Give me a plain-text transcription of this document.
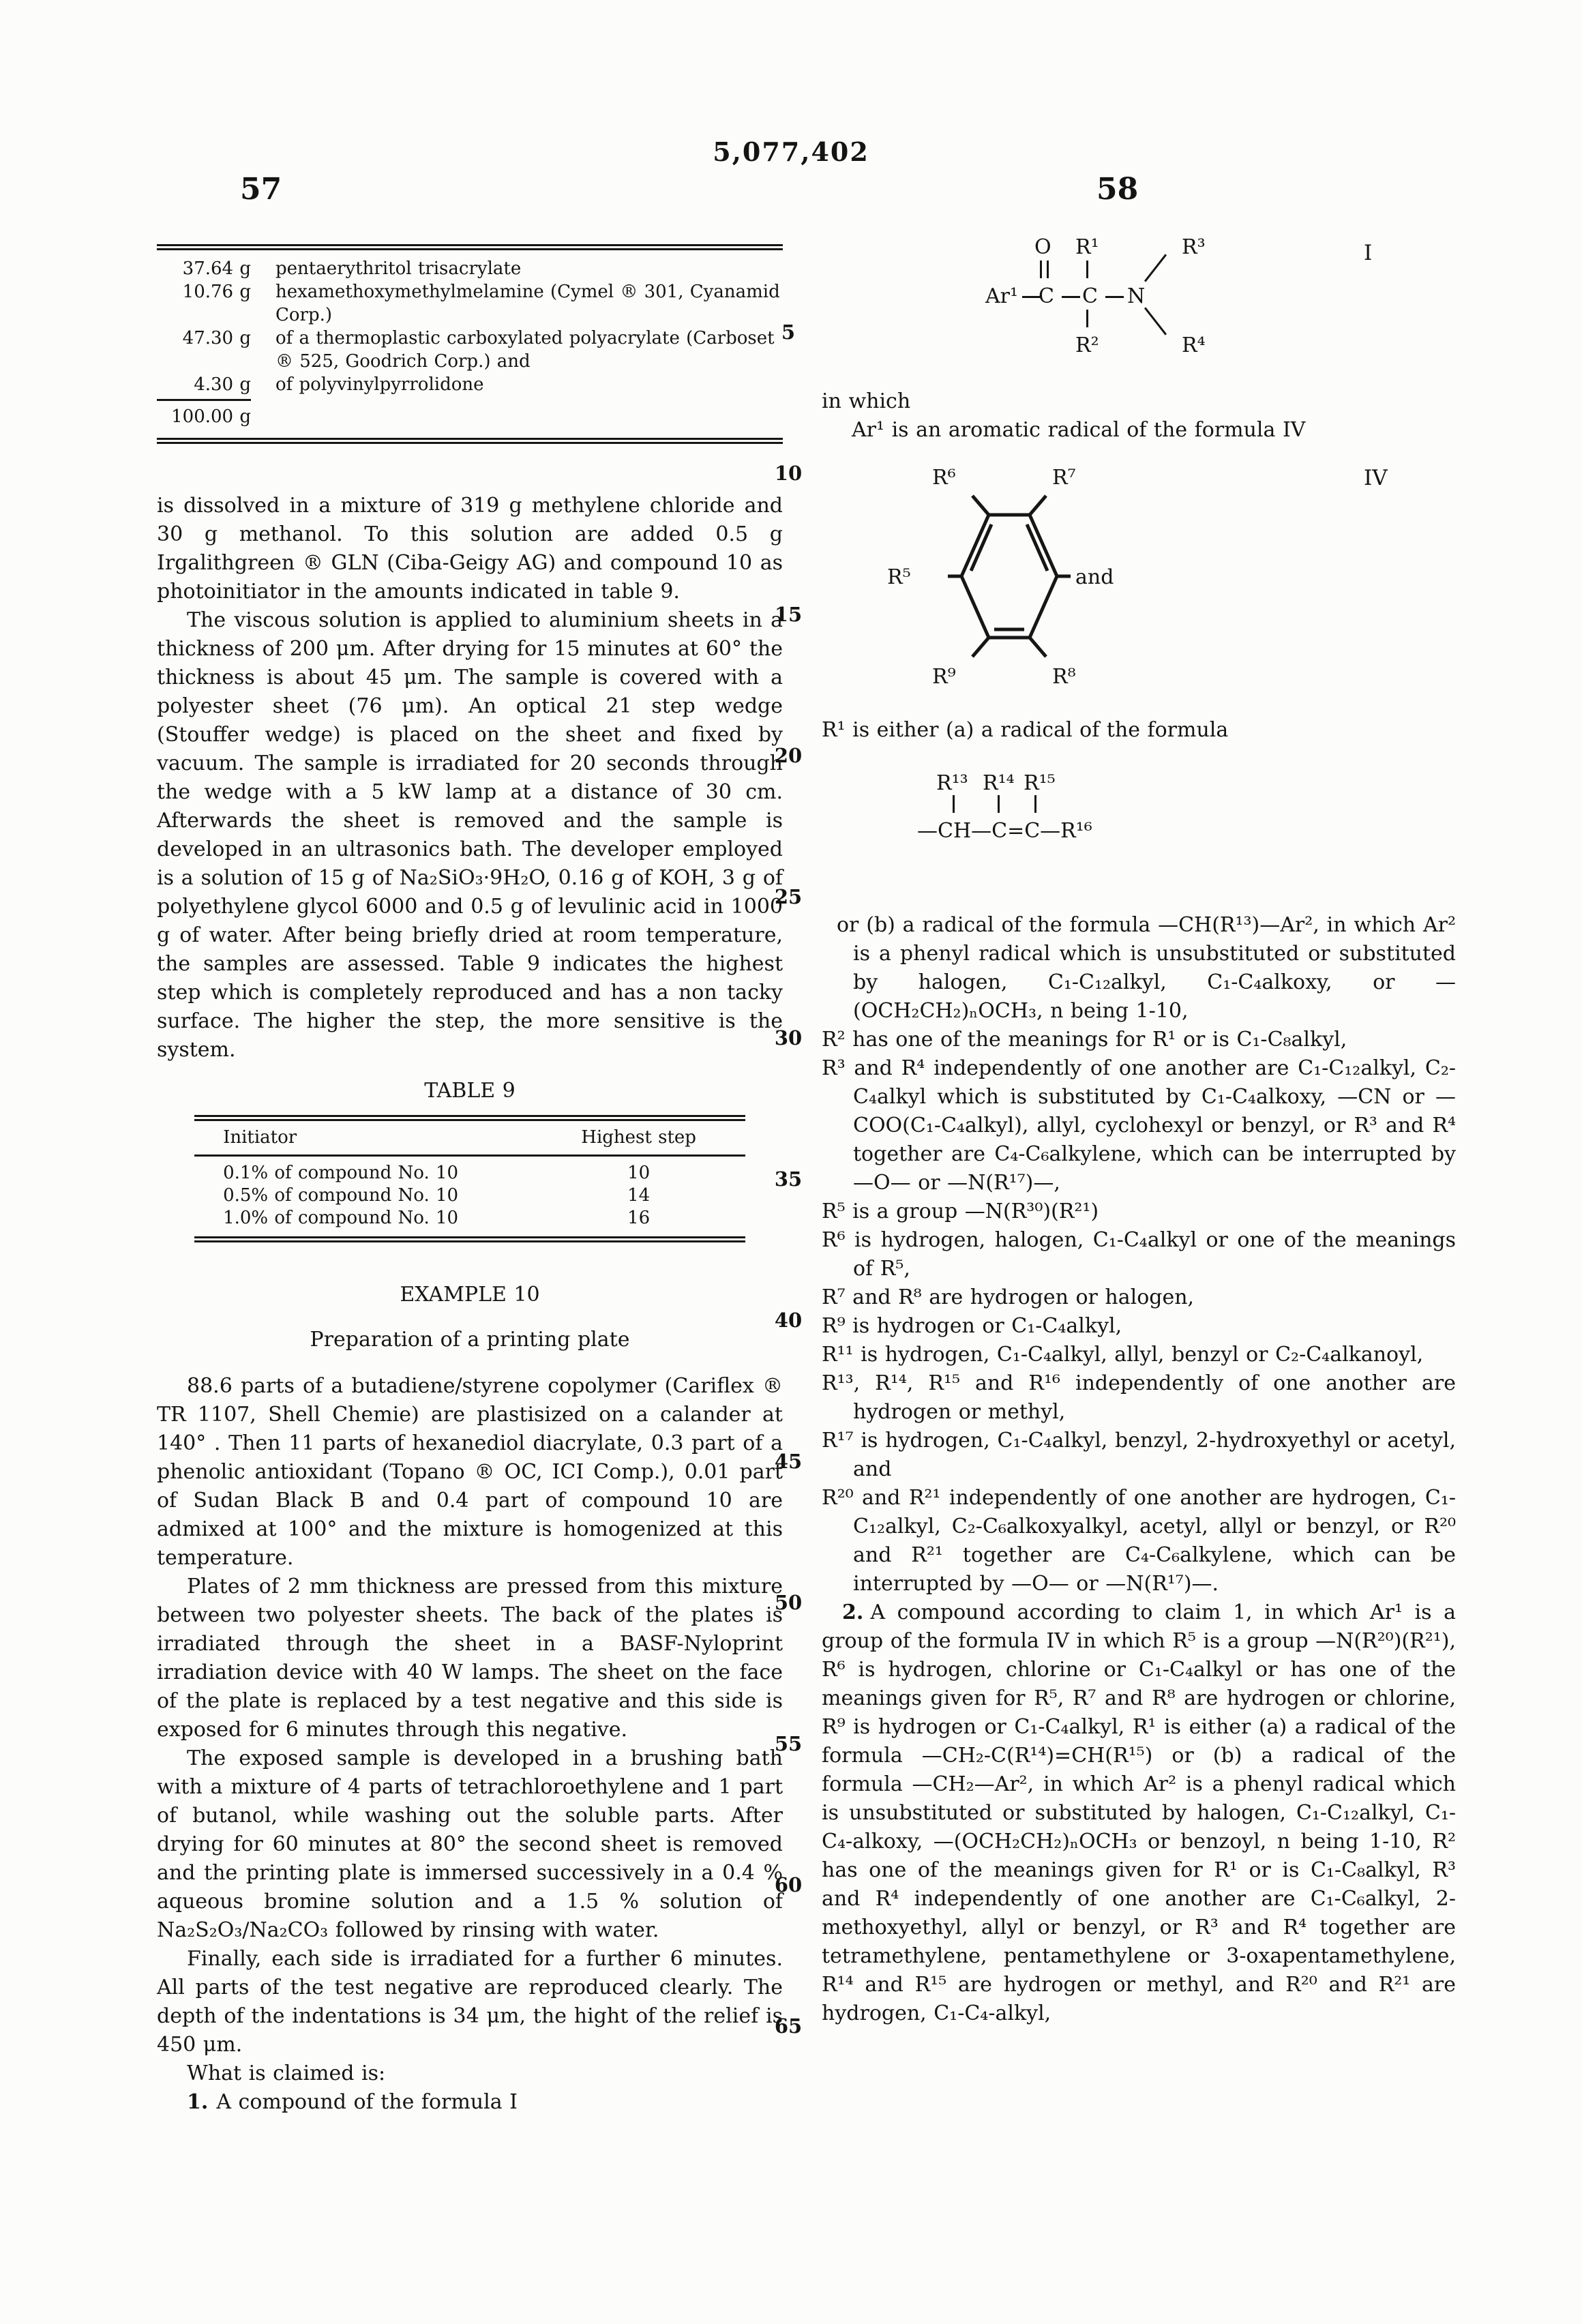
5,077,402
57	58
5
10
15
20
25
30
35
40
45
50
55
60
65
37.64 g	pentaerythritol trisacrylate
10.76 g	hexamethoxymethylmelamine (Cymel ® 301, Cyanamid Corp.)
47.30 g	of a thermoplastic carboxylated polyacrylate (Carboset ® 525, Goodrich Corp.) and
4.30 g	of polyvinylpyrrolidone
100.00 g

is dissolved in a mixture of 319 g methylene chloride and 30 g methanol. To this solution are added 0.5 g Irgalithgreen ® GLN (Ciba-Geigy AG) and compound 10 as photoinitiator in the amounts indicated in table 9.

The viscous solution is applied to aluminium sheets in a thickness of 200 μm. After drying for 15 minutes at 60° the thickness is about 45 μm. The sample is covered with a polyester sheet (76 μm). An optical 21 step wedge (Stouffer wedge) is placed on the sheet and fixed by vacuum. The sample is irradiated for 20 seconds through the wedge with a 5 kW lamp at a distance of 30 cm. Afterwards the sheet is removed and the sample is developed in an ultrasonics bath. The developer employed is a solution of 15 g of Na₂SiO₃·9H₂O, 0.16 g of KOH, 3 g of polyethylene glycol 6000 and 0.5 g of levulinic acid in 1000 g of water. After being briefly dried at room temperature, the samples are assessed. Table 9 indicates the highest step which is completely reproduced and has a non tacky surface. The higher the step, the more sensitive is the system.

TABLE 9

Initiator	Highest step
0.1% of compound No. 10	10
0.5% of compound No. 10	14
1.0% of compound No. 10	16

EXAMPLE 10

Preparation of a printing plate

88.6 parts of a butadiene/styrene copolymer (Cariflex ® TR 1107, Shell Chemie) are plastisized on a calander at 140° . Then 11 parts of hexanediol diacrylate, 0.3 part of a phenolic antioxidant (Topano ® OC, ICI Comp.), 0.01 part of Sudan Black B and 0.4 part of compound 10 are admixed at 100° and the mixture is homogenized at this temperature.

Plates of 2 mm thickness are pressed from this mixture between two polyester sheets. The back of the plates is irradiated through the sheet in a BASF-Nyloprint irradiation device with 40 W lamps. The sheet on the face of the plate is replaced by a test negative and this side is exposed for 6 minutes through this negative.

The exposed sample is developed in a brushing bath with a mixture of 4 parts of tetrachloroethylene and 1 part of butanol, while washing out the soluble parts. After drying for 60 minutes at 80° the second sheet is removed and the printing plate is immersed successively in a 0.4 % aqueous bromine solution and a 1.5 % solution of Na₂S₂O₃/Na₂CO₃ followed by rinsing with water.

Finally, each side is irradiated for a further 6 minutes. All parts of the test negative are reproduced clearly. The depth of the indentations is 34 μm, the hight of the relief is 450 μm.

What is claimed is:

1. A compound of the formula I

I
O R¹	R³
Ar¹ C C N
R²	R⁴

in which

Ar¹ is an aromatic radical of the formula IV

IV
R⁶	R⁷
R⁵	and
R⁹	R⁸

R¹ is either (a) a radical of the formula

R¹³ R¹⁴ R¹⁵
—CH—C=C—R¹⁶

or (b) a radical of the formula —CH(R¹³)—Ar², in which Ar² is a phenyl radical which is unsubstituted or substituted by halogen, C₁-C₁₂alkyl, C₁-C₄alkoxy, or —(OCH₂CH₂)ₙOCH₃, n being 1-10,

R² has one of the meanings for R¹ or is C₁-C₈alkyl,

R³ and R⁴ independently of one another are C₁-C₁₂alkyl, C₂-C₄alkyl which is substituted by C₁-C₄alkoxy, —CN or —COO(C₁-C₄alkyl), allyl, cyclohexyl or benzyl, or R³ and R⁴ together are C₄-C₆alkylene, which can be interrupted by —O— or —N(R¹⁷)—,

R⁵ is a group —N(R³⁰)(R²¹)

R⁶ is hydrogen, halogen, C₁-C₄alkyl or one of the meanings of R⁵,

R⁷ and R⁸ are hydrogen or halogen,

R⁹ is hydrogen or C₁-C₄alkyl,

R¹¹ is hydrogen, C₁-C₄alkyl, allyl, benzyl or C₂-C₄alkanoyl,

R¹³, R¹⁴, R¹⁵ and R¹⁶ independently of one another are hydrogen or methyl,

R¹⁷ is hydrogen, C₁-C₄alkyl, benzyl, 2-hydroxyethyl or acetyl, and

R²⁰ and R²¹ independently of one another are hydrogen, C₁-C₁₂alkyl, C₂-C₆alkoxyalkyl, acetyl, allyl or benzyl, or R²⁰ and R²¹ together are C₄-C₆alkylene, which can be interrupted by —O— or —N(R¹⁷)—.

2. A compound according to claim 1, in which Ar¹ is a group of the formula IV in which R⁵ is a group —N(R²⁰)(R²¹), R⁶ is hydrogen, chlorine or C₁-C₄alkyl or has one of the meanings given for R⁵, R⁷ and R⁸ are hydrogen or chlorine, R⁹ is hydrogen or C₁-C₄alkyl, R¹ is either (a) a radical of the formula —CH₂-C(R¹⁴)=CH(R¹⁵) or (b) a radical of the formula —CH₂—Ar², in which Ar² is a phenyl radical which is unsubstituted or substituted by halogen, C₁-C₁₂alkyl, C₁-C₄-alkoxy, —(OCH₂CH₂)ₙOCH₃ or benzoyl, n being 1-10, R² has one of the meanings given for R¹ or is C₁-C₈alkyl, R³ and R⁴ independently of one another are C₁-C₆alkyl, 2-methoxyethyl, allyl or benzyl, or R³ and R⁴ together are tetramethylene, pentamethylene or 3-oxapentamethylene, R¹⁴ and R¹⁵ are hydrogen or methyl, and R²⁰ and R²¹ are hydrogen, C₁-C₄-alkyl,
